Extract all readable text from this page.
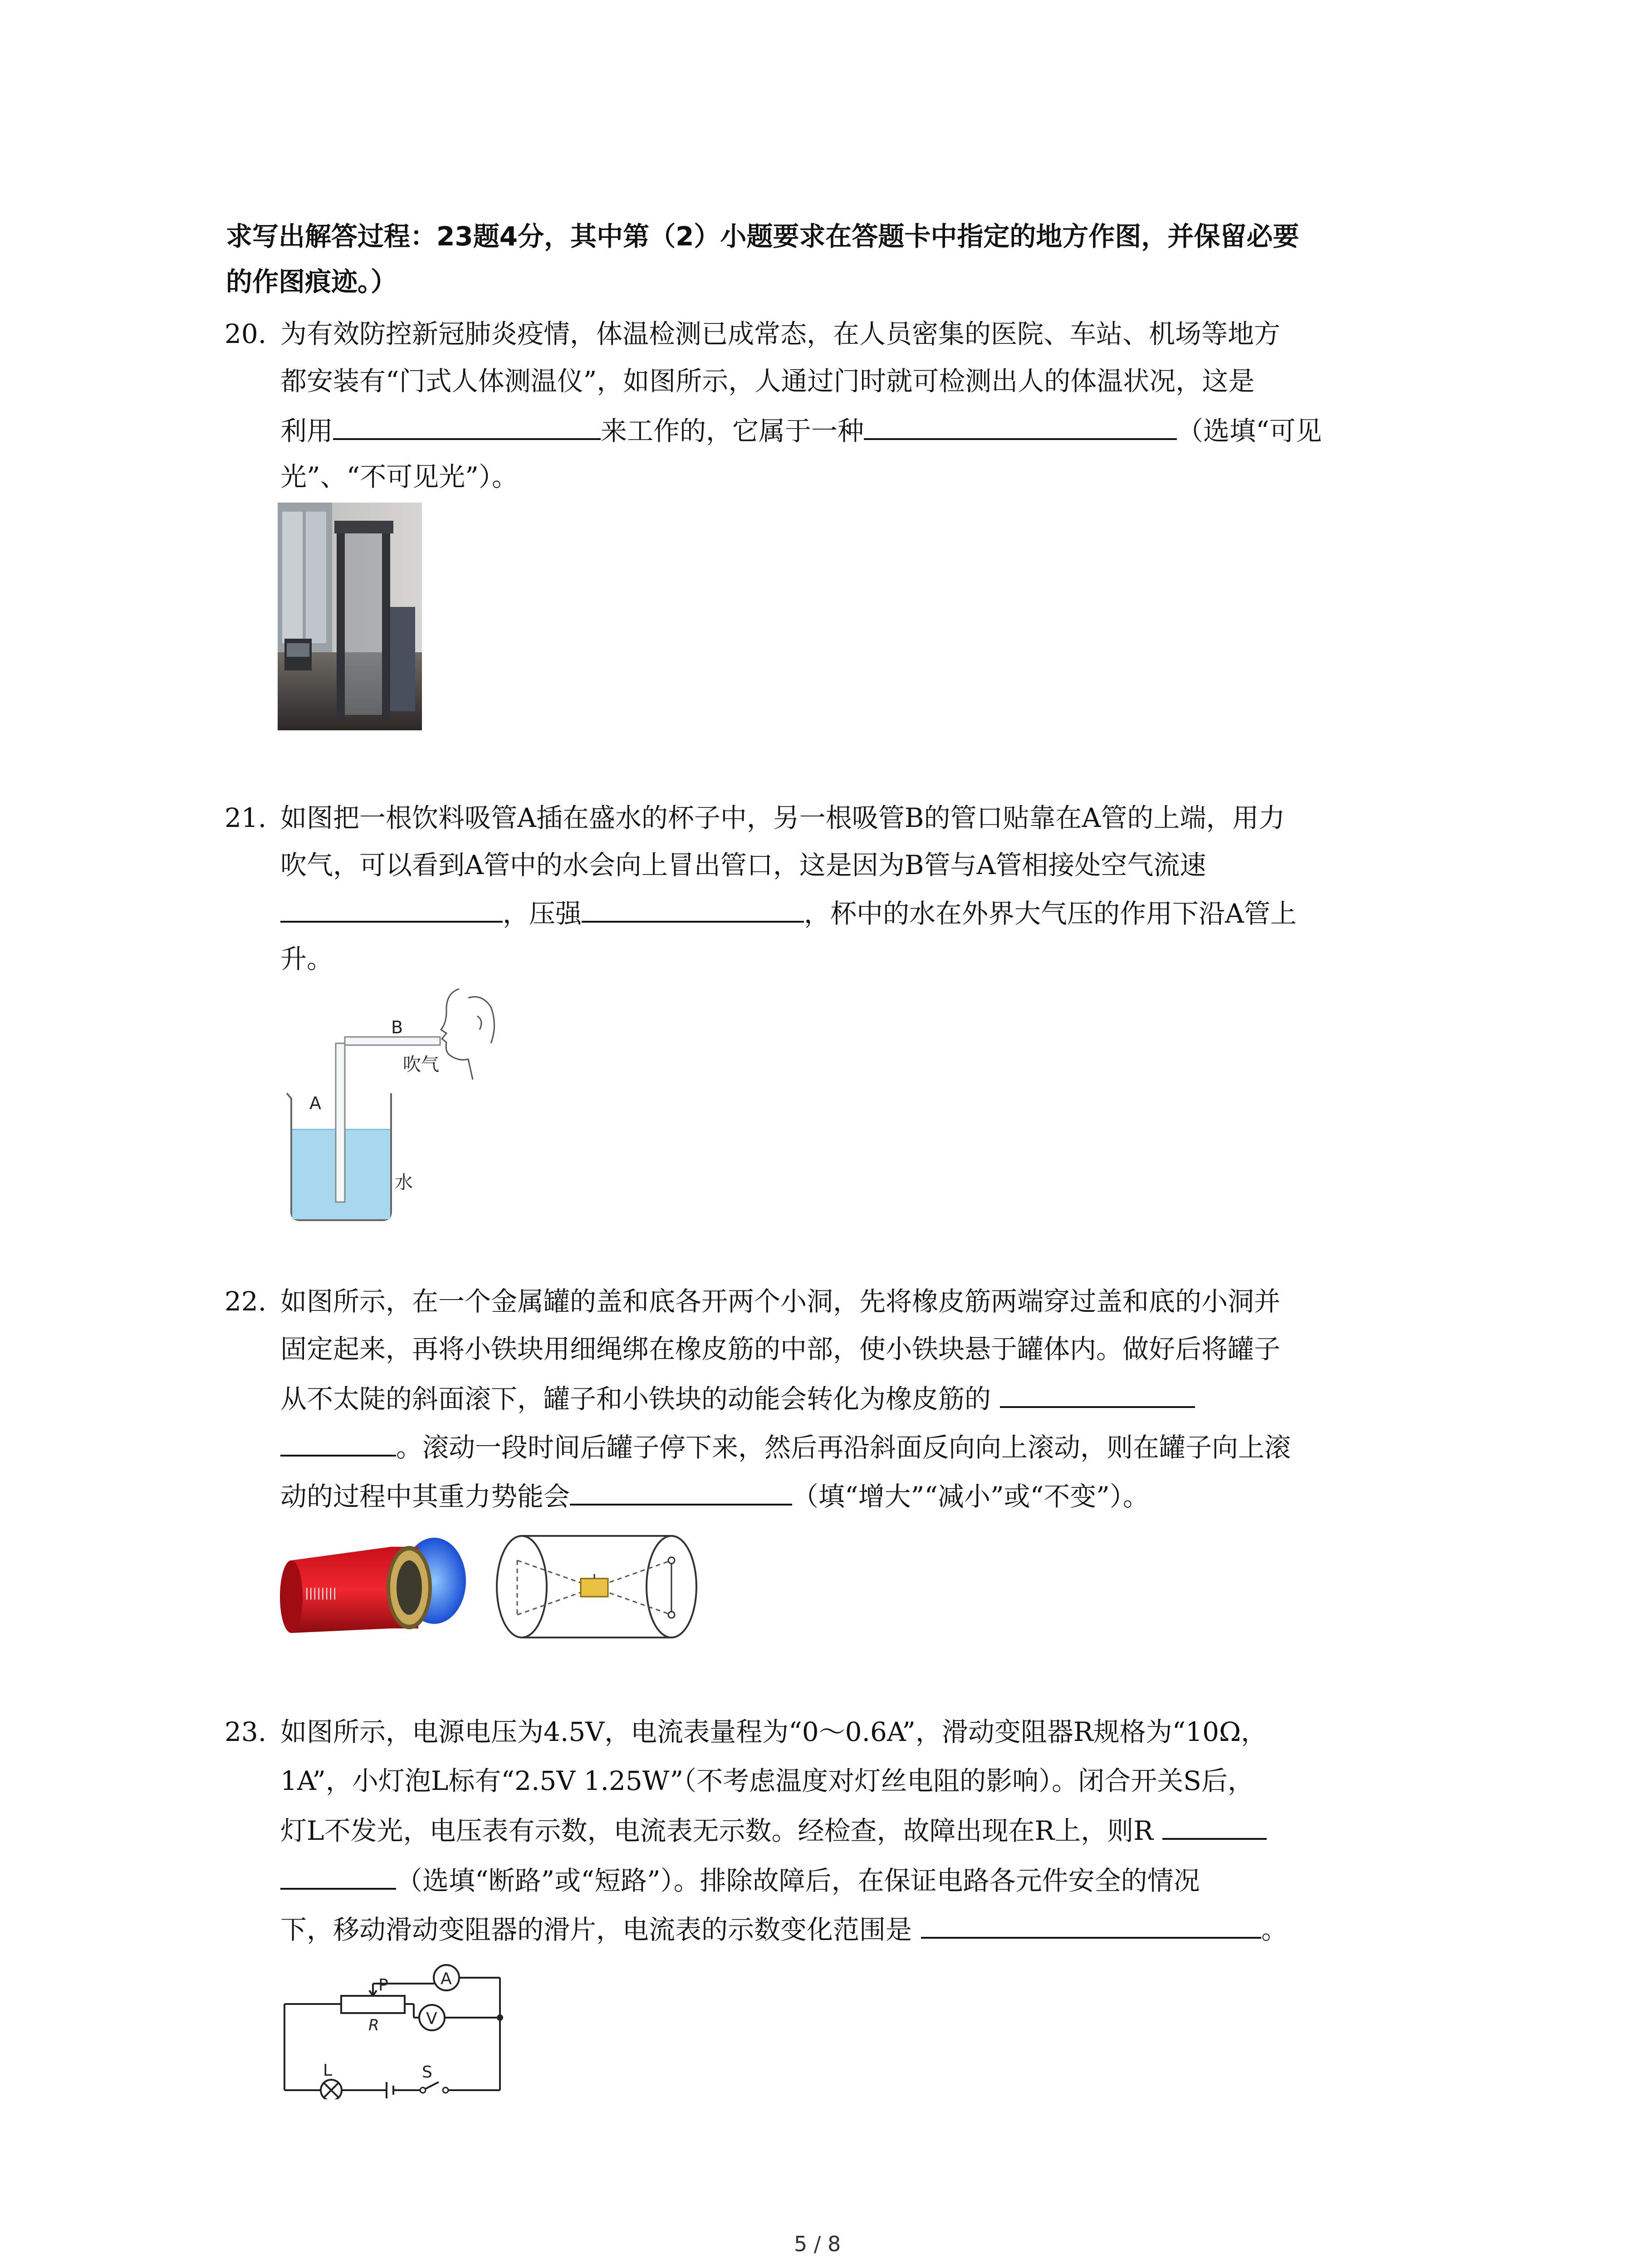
求写出解答过程：23题4分，其中第（2）小题要求在答题卡中指定的地方作图，并保留必要
的作图痕迹。）
20. 为有效防控新冠肺炎疫情，体温检测已成常态，在人员密集的医院、车站、机场等地方
都安装有“门式人体测温仪”，如图所示，人通过门时就可检测出人的体温状况，这是
利用	来工作的，它属于一种	（选填“可见
光”、“不可见光”）。
21. 如图把一根饮料吸管A插在盛水的杯子中，另一根吸管B的管口贴靠在A管的上端，用力
吹气，可以看到A管中的水会向上冒出管口，这是因为B管与A管相接处空气流速
，压强	，杯中的水在外界大气压的作用下沿A管上
升。
B
A
吹气
水
22. 如图所示，在一个金属罐的盖和底各开两个小洞，先将橡皮筋两端穿过盖和底的小洞并
固定起来，再将小铁块用细绳绑在橡皮筋的中部，使小铁块悬于罐体内。做好后将罐子
从不太陡的斜面滚下，罐子和小铁块的动能会转化为橡皮筋的
。滚动一段时间后罐子停下来，然后再沿斜面反向向上滚动，则在罐子向上滚
动的过程中其重力势能会	（填“增大”“减小”或“不变”）。
||||||||
23. 如图所示，电源电压为4.5V，电流表量程为“0～0.6A”，滑动变阻器R规格为“10Ω，
1A”，小灯泡L标有“2.5V 1.25W”（不考虑温度对灯丝电阻的影响）。闭合开关S后，
灯L不发光，电压表有示数，电流表无示数。经检查，故障出现在R上，则R
（选填“断路”或“短路”）。排除故障后，在保证电路各元件安全的情况
下，移动滑动变阻器的滑片，电流表的示数变化范围是	。
P
R
A
V
L	S
5 / 8
